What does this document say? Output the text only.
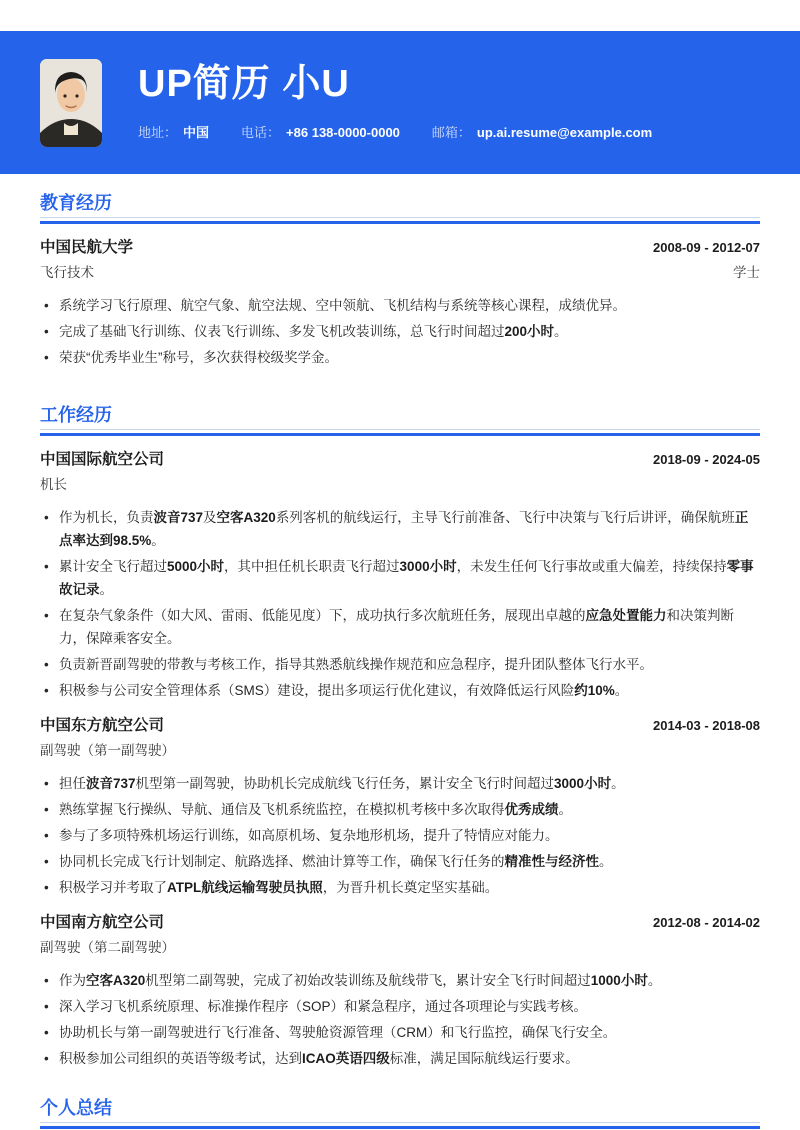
UP简历 小U
地址： 中国 电话： +86 138-0000-0000 邮箱： up.ai.resume@example.com
教育经历
中国民航大学	2008-09 - 2012-07
飞行技术	学士
• 系统学习飞行原理、航空气象、航空法规、空中领航、飞机结构与系统等核心课程，成绩优异。
• 完成了基础飞行训练、仪表飞行训练、多发飞机改装训练，总飞行时间超过200小时。
• 荣获“优秀毕业生”称号，多次获得校级奖学金。
工作经历
中国国际航空公司	2018-09 - 2024-05
机长
• 作为机长，负责波音737及空客A320系列客机的航线运行，主导飞行前准备、飞行中决策与飞行后讲评，确保航班正点率达到98.5%。
• 累计安全飞行超过5000小时，其中担任机长职责飞行超过3000小时，未发生任何飞行事故或重大偏差，持续保持零事故记录。
• 在复杂气象条件（如大风、雷雨、低能见度）下，成功执行多次航班任务，展现出卓越的应急处置能力和决策判断力，保障乘客安全。
• 负责新晋副驾驶的带教与考核工作，指导其熟悉航线操作规范和应急程序，提升团队整体飞行水平。
• 积极参与公司安全管理体系（SMS）建设，提出多项运行优化建议，有效降低运行风险约10%。
中国东方航空公司	2014-03 - 2018-08
副驾驶（第一副驾驶）
• 担任波音737机型第一副驾驶，协助机长完成航线飞行任务，累计安全飞行时间超过3000小时。
• 熟练掌握飞行操纵、导航、通信及飞机系统监控，在模拟机考核中多次取得优秀成绩。
• 参与了多项特殊机场运行训练，如高原机场、复杂地形机场，提升了特情应对能力。
• 协同机长完成飞行计划制定、航路选择、燃油计算等工作，确保飞行任务的精准性与经济性。
• 积极学习并考取了ATPL航线运输驾驶员执照，为晋升机长奠定坚实基础。
中国南方航空公司	2012-08 - 2014-02
副驾驶（第二副驾驶）
• 作为空客A320机型第二副驾驶，完成了初始改装训练及航线带飞，累计安全飞行时间超过1000小时。
• 深入学习飞机系统原理、标准操作程序（SOP）和紧急程序，通过各项理论与实践考核。
• 协助机长与第一副驾驶进行飞行准备、驾驶舱资源管理（CRM）和飞行监控，确保飞行安全。
• 积极参加公司组织的英语等级考试，达到ICAO英语四级标准，满足国际航线运行要求。
个人总结
